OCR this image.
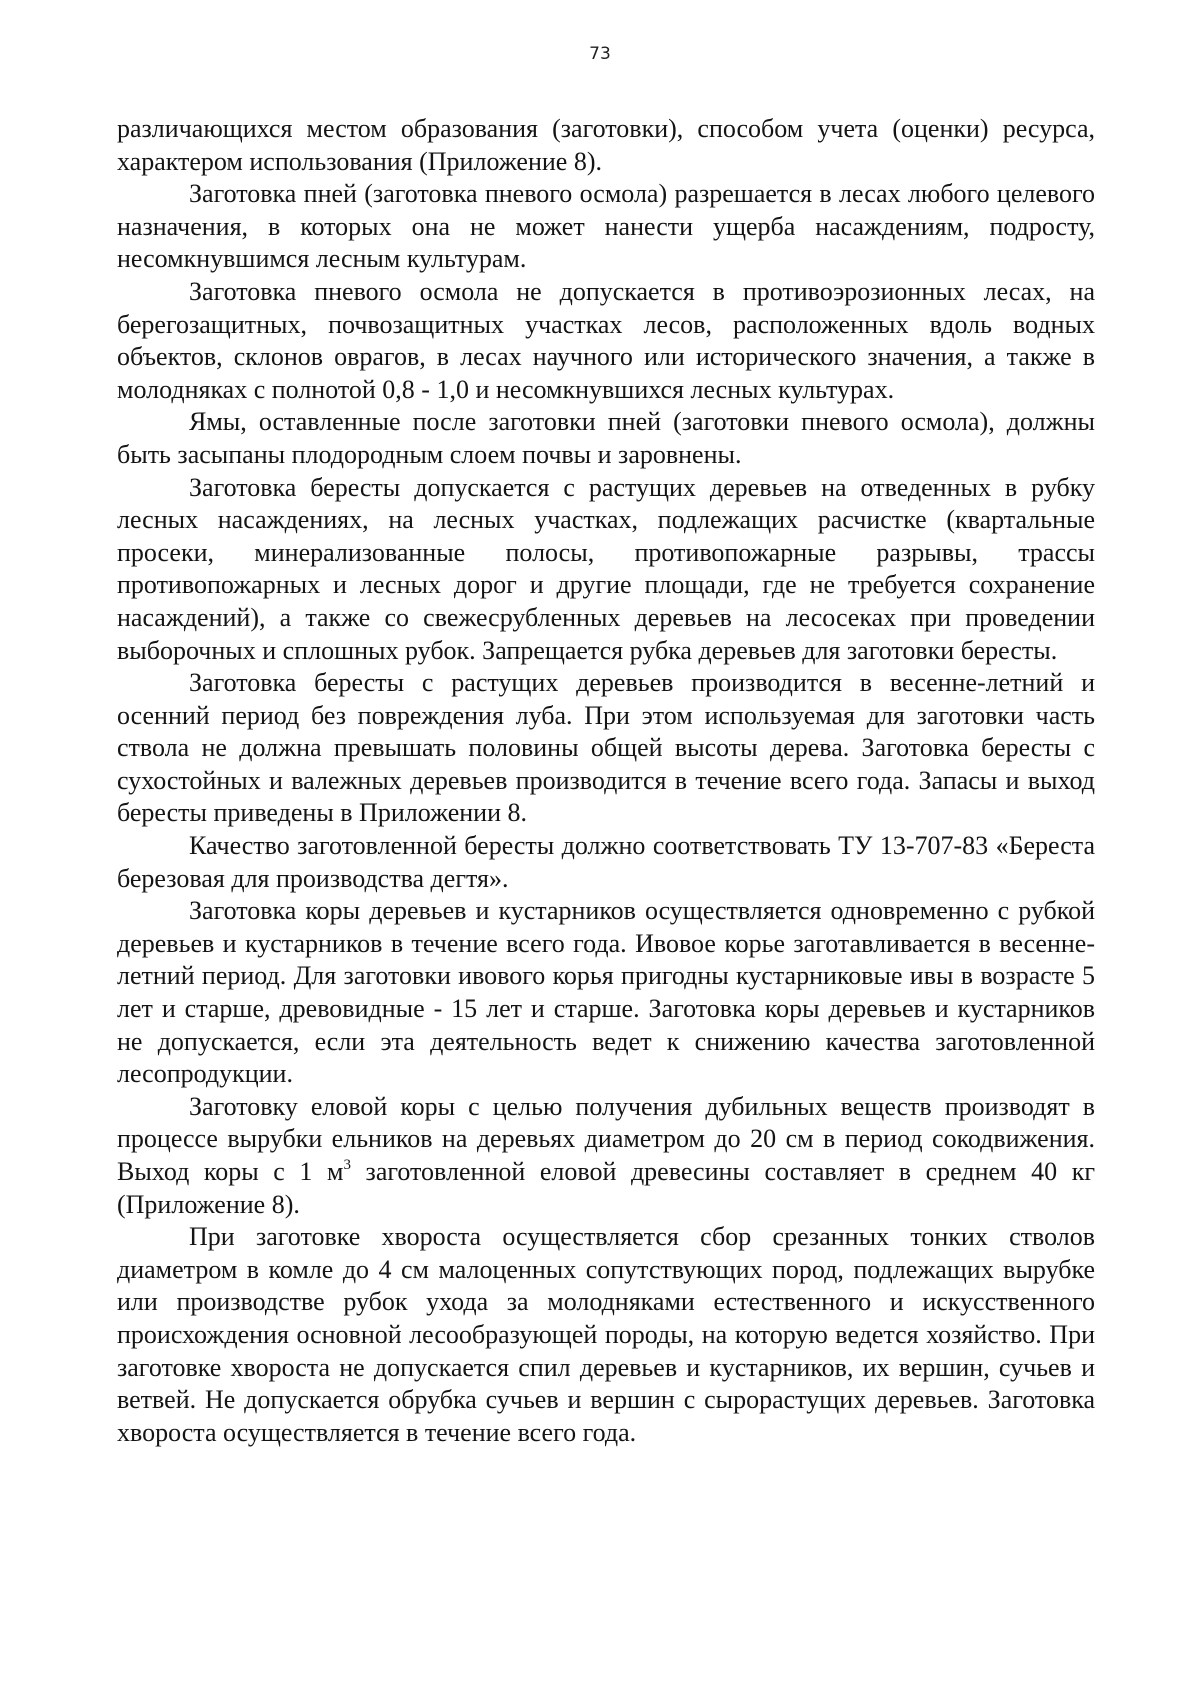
73

различающихся местом образования (заготовки), способом учета (оценки) ресурса, характером использования (Приложение 8).

Заготовка пней (заготовка пневого осмола) разрешается в лесах любого целевого назначения, в которых она не может нанести ущерба насаждениям, подросту, несомкнувшимся лесным культурам.

Заготовка пневого осмола не допускается в противоэрозионных лесах, на берегозащитных, почвозащитных участках лесов, расположенных вдоль водных объектов, склонов оврагов, в лесах научного или исторического значения, а также в молодняках с полнотой 0,8 - 1,0 и несомкнувшихся лесных культурах.

Ямы, оставленные после заготовки пней (заготовки пневого осмола), должны быть засыпаны плодородным слоем почвы и заровнены.

Заготовка бересты допускается с растущих деревьев на отведенных в рубку лесных насаждениях, на лесных участках, подлежащих расчистке (квартальные просеки, минерализованные полосы, противопожарные разрывы, трассы противопожарных и лесных дорог и другие площади, где не требуется сохранение насаждений), а также со свежесрубленных деревьев на лесосеках при проведении выборочных и сплошных рубок. Запрещается рубка деревьев для заготовки бересты.

Заготовка бересты с растущих деревьев производится в весенне-летний и осенний период без повреждения луба. При этом используемая для заготовки часть ствола не должна превышать половины общей высоты дерева. Заготовка бересты с сухостойных и валежных деревьев производится в течение всего года. Запасы и выход бересты приведены в Приложении 8.

Качество заготовленной бересты должно соответствовать ТУ 13-707-83 «Береста березовая для производства дегтя».

Заготовка коры деревьев и кустарников осуществляется одновременно с рубкой деревьев и кустарников в течение всего года. Ивовое корье заготавливается в весенне-летний период. Для заготовки ивового корья пригодны кустарниковые ивы в возрасте 5 лет и старше, древовидные - 15 лет и старше. Заготовка коры деревьев и кустарников не допускается, если эта деятельность ведет к снижению качества заготовленной лесопродукции.

Заготовку еловой коры с целью получения дубильных веществ производят в процессе вырубки ельников на деревьях диаметром до 20 см в период сокодвижения. Выход коры с 1 $м^3$ заготовленной еловой древесины составляет в среднем 40 кг (Приложение 8).

При заготовке хвороста осуществляется сбор срезанных тонких стволов диаметром в комле до 4 см малоценных сопутствующих пород, подлежащих вырубке или производстве рубок ухода за молодняками естественного и искусственного происхождения основной лесообразующей породы, на которую ведется хозяйство. При заготовке хвороста не допускается спил деревьев и кустарников, их вершин, сучьев и ветвей. Не допускается обрубка сучьев и вершин с сырорастущих деревьев. Заготовка хвороста осуществляется в течение всего года.
